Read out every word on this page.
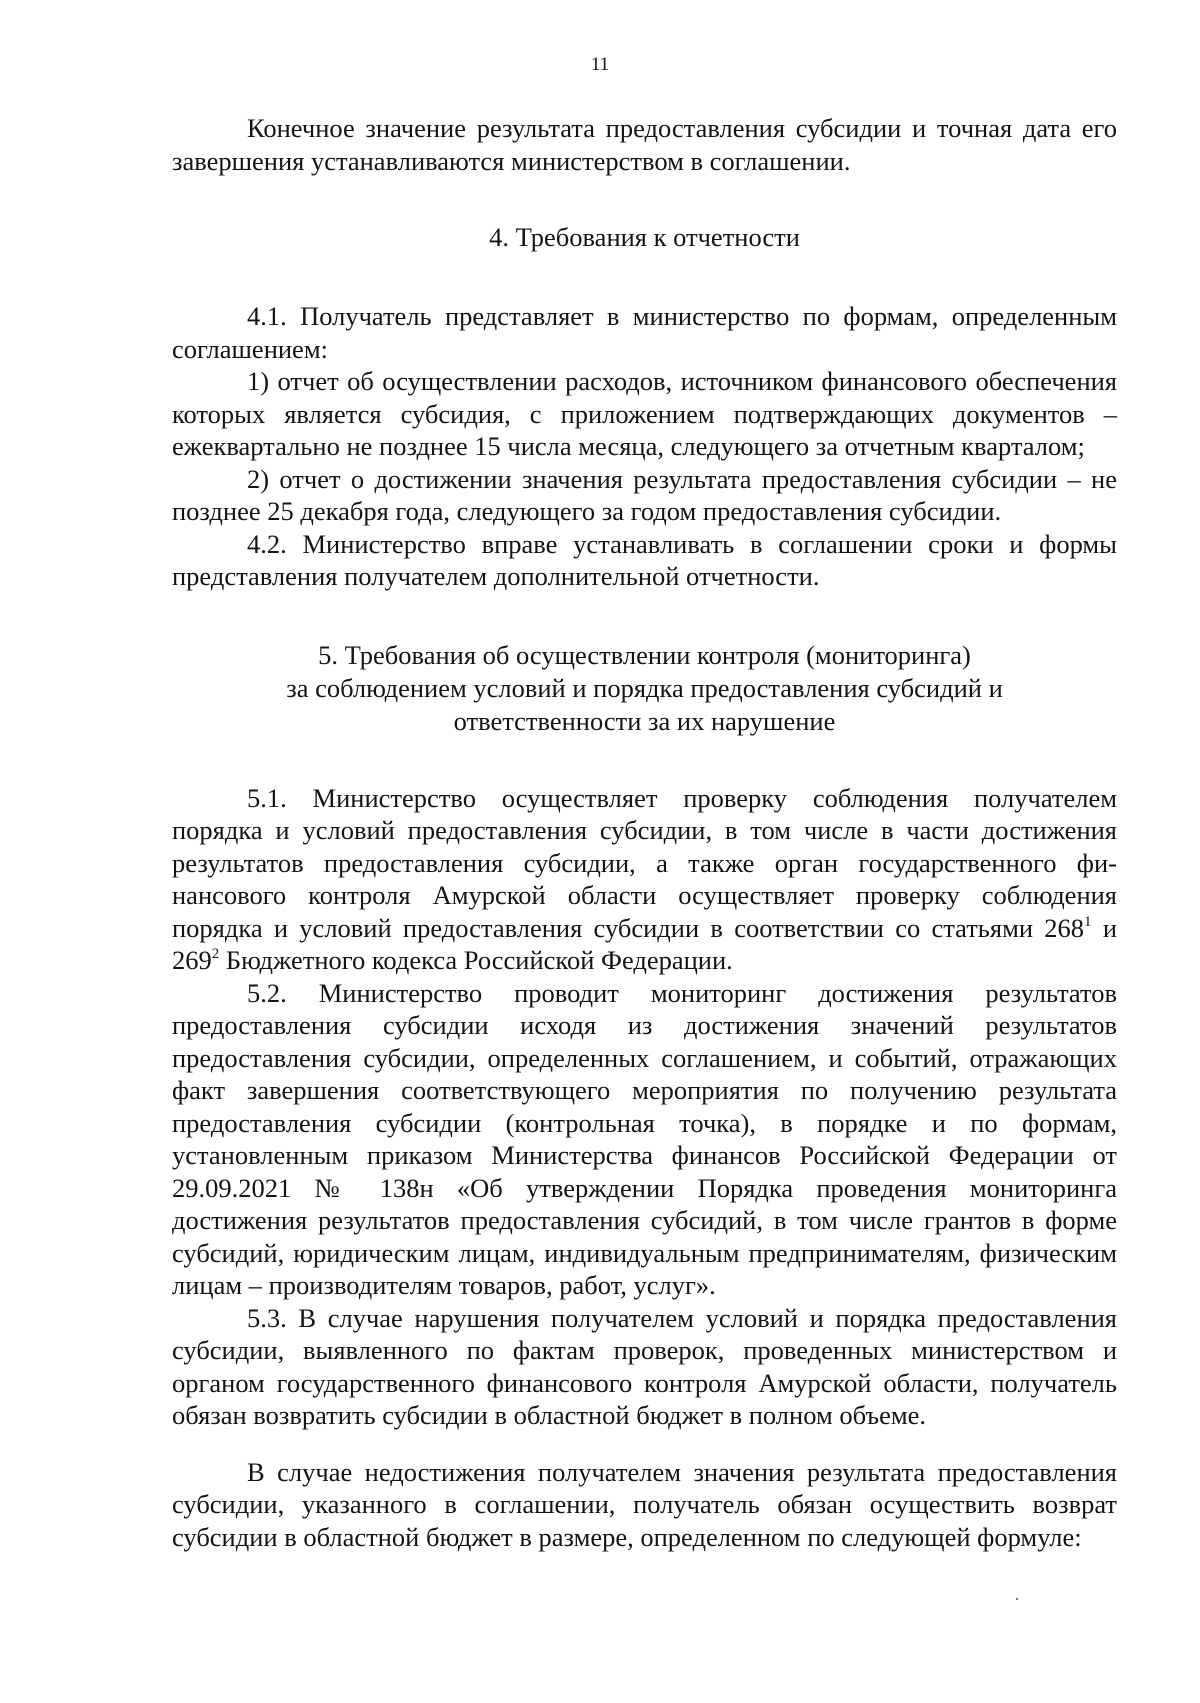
11

Конечное значение результата предоставления субсидии и точная дата его завершения устанавливаются министерством в соглашении.

4. Требования к отчетности

4.1. Получатель представляет в министерство по формам, определенным соглашением:

1) отчет об осуществлении расходов, источником финансового обеспечения которых является субсидия, с приложением подтверждающих документов – ежеквартально не позднее 15 числа месяца, следующего за отчетным кварталом;

2) отчет о достижении значения результата предоставления субсидии – не позднее 25 декабря года, следующего за годом предоставления субсидии.

4.2. Министерство вправе устанавливать в соглашении сроки и формы представления получателем дополнительной отчетности.

5. Требования об осуществлении контроля (мониторинга)
за соблюдением условий и порядка предоставления субсидий и
ответственности за их нарушение

5.1. Министерство осуществляет проверку соблюдения получателем порядка и условий предоставления субсидии, в том числе в части достижения результатов предоставления субсидии, а также орган государственного финансового контроля Амурской области осуществляет проверку соблюдения порядка и условий предоставления субсидии в соответствии со статьями $268^1$ и $269^2$ Бюджетного кодекса Российской Федерации.

5.2. Министерство проводит мониторинг достижения результатов предоставления субсидии исходя из достижения значений результатов предоставления субсидии, определенных соглашением, и событий, отражающих факт завершения соответствующего мероприятия по получению результата предоставления субсидии (контрольная точка), в порядке и по формам, установленным приказом Министерства финансов Российской Федерации от 29.09.2021 № 138н «Об утверждении Порядка проведения мониторинга достижения результатов предоставления субсидий, в том числе грантов в форме субсидий, юридическим лицам, индивидуальным предпринимателям, физическим лицам – производителям товаров, работ, услуг».

5.3. В случае нарушения получателем условий и порядка предоставления субсидии, выявленного по фактам проверок, проведенных министерством и органом государственного финансового контроля Амурской области, получатель обязан возвратить субсидии в областной бюджет в полном объеме.

В случае недостижения получателем значения результата предоставления субсидии, указанного в соглашении, получатель обязан осуществить возврат субсидии в областной бюджет в размере, определенном по следующей формуле:
